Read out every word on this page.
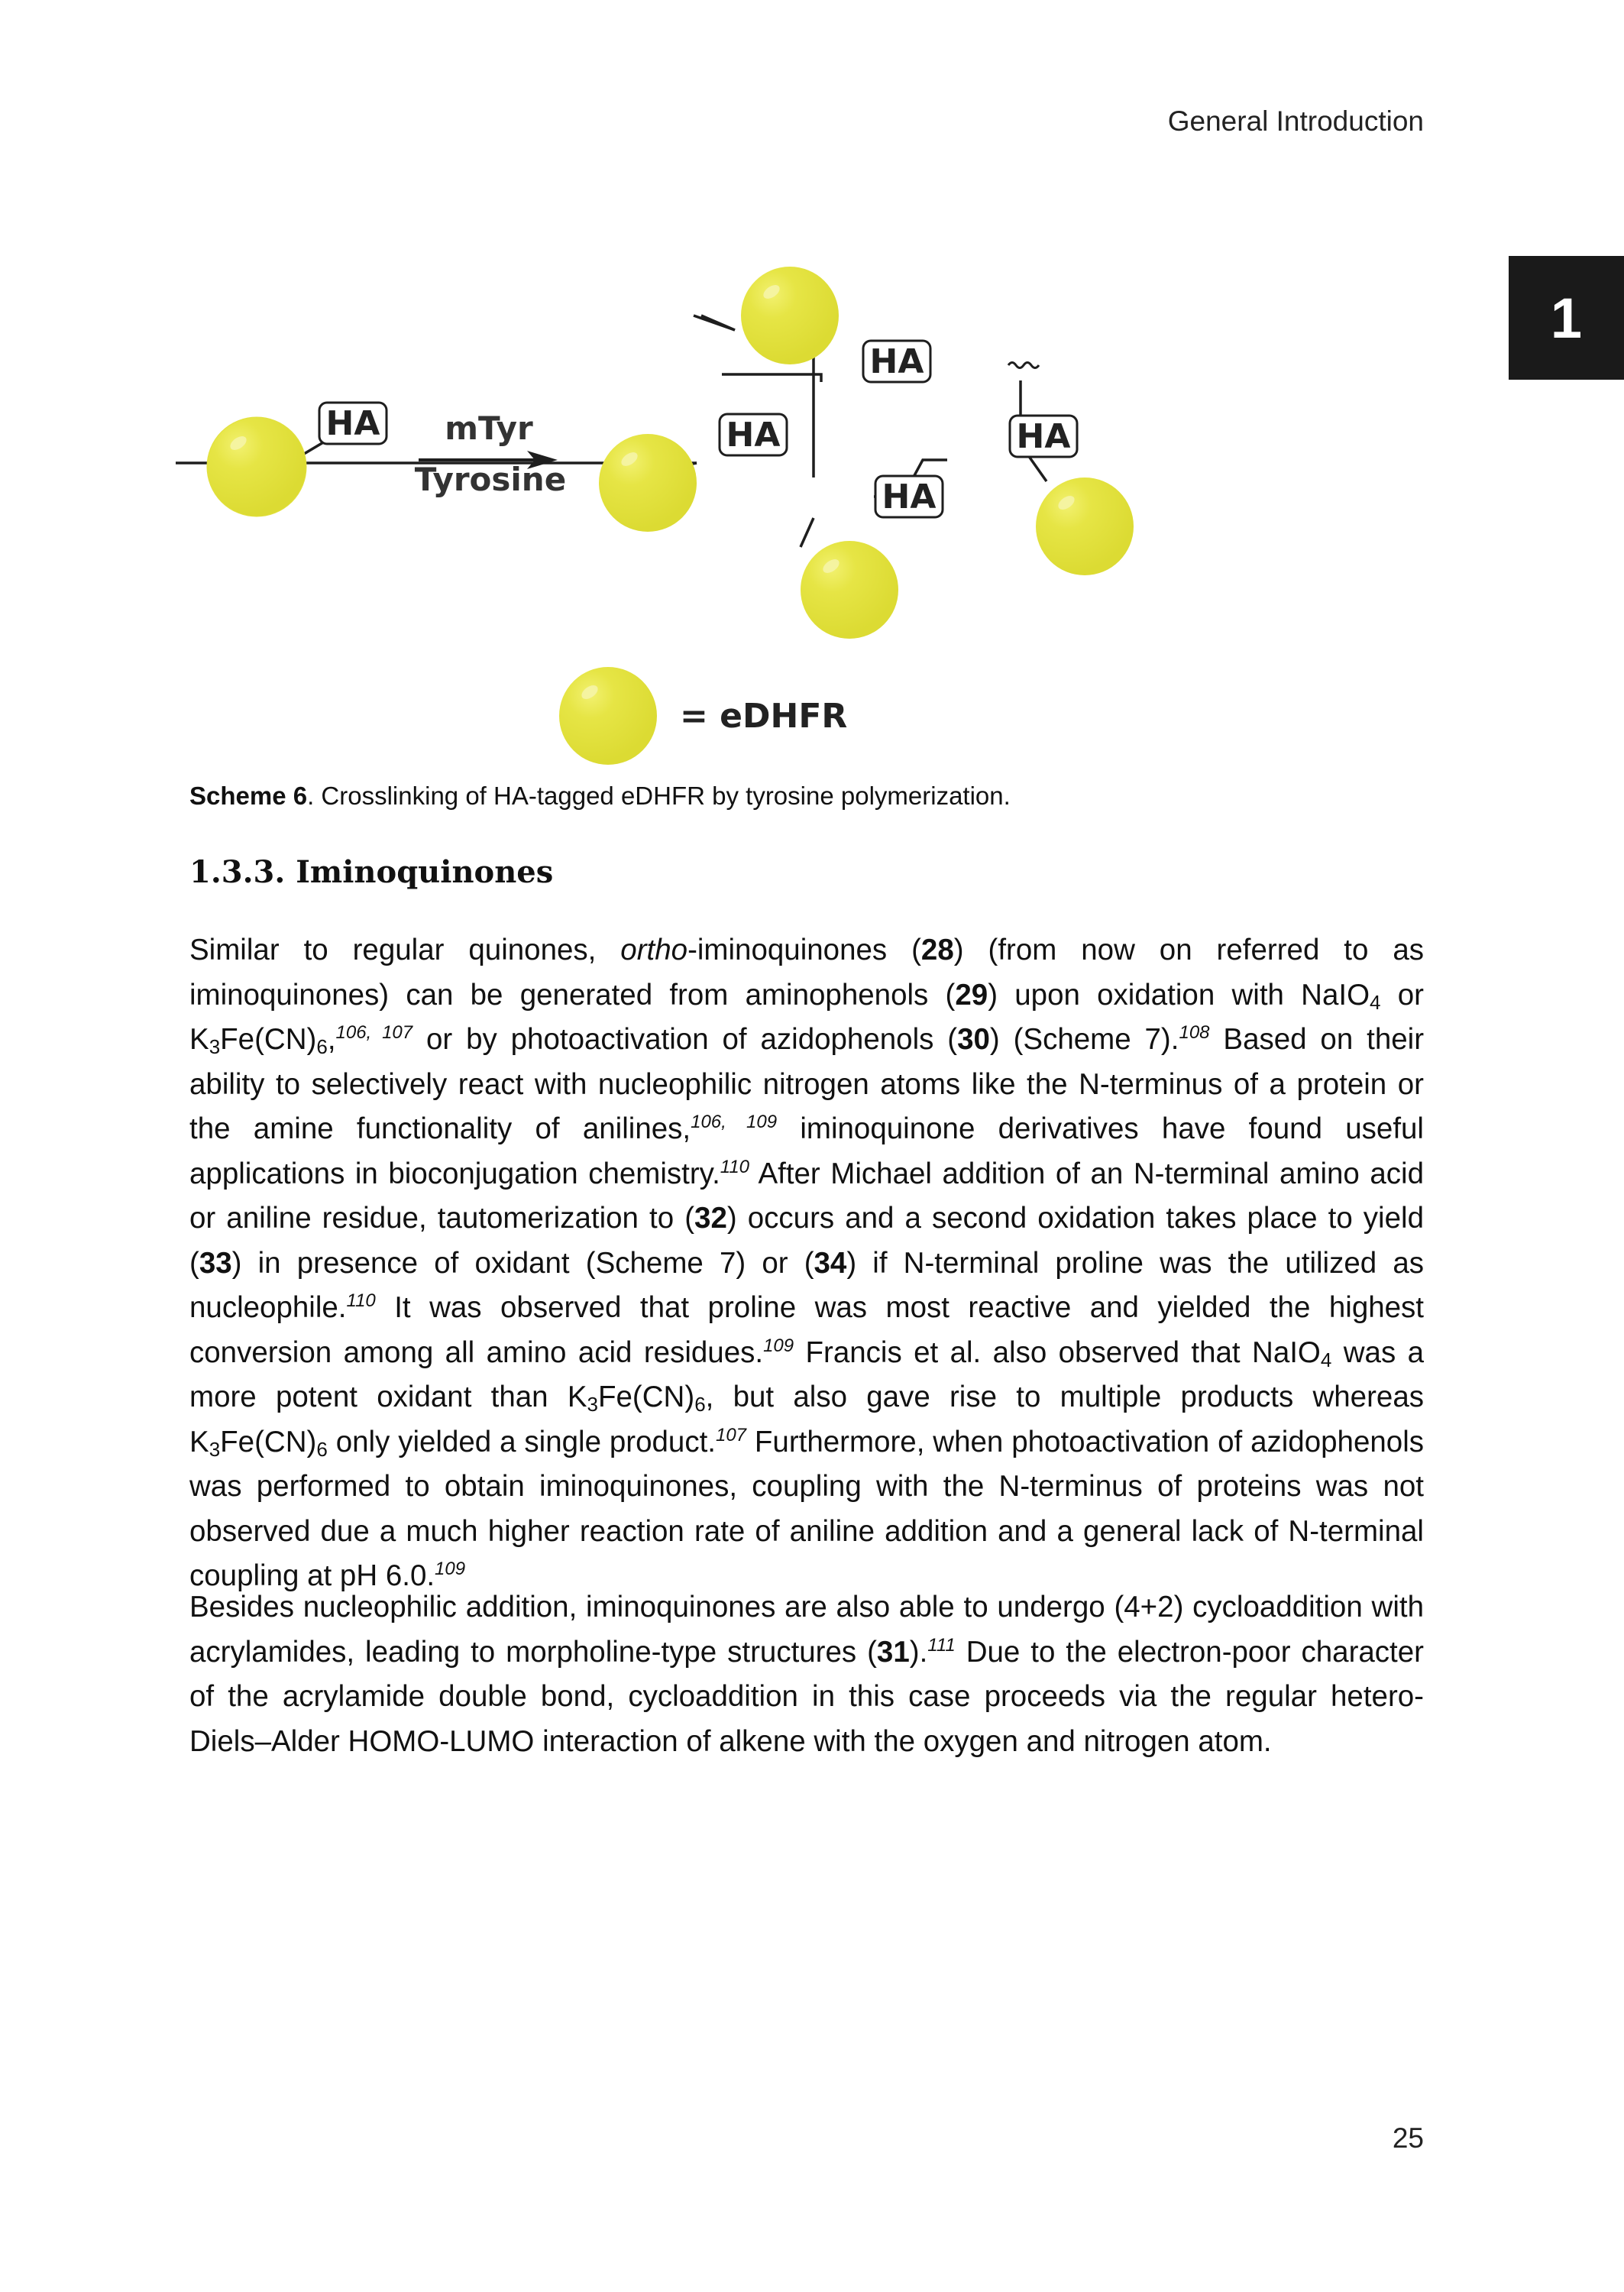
General Introduction
1
HA	HA
HA
HA
HA
mTyr
Tyrosine
= eDHFR
Scheme 6. Crosslinking of HA-tagged eDHFR by tyrosine polymerization.
1.3.3. Iminoquinones
Similar to regular quinones, ortho-iminoquinones (28) (from now on referred to as iminoquinones) can be generated from aminophenols (29) upon oxidation with NaIO$_4$ or $K_3Fe(CN)_6,^{106, 107}$ or by photoactivation of azidophenols (30) (Scheme 7).$^{108}$ Based on their ability to selectively react with nucleophilic nitrogen atoms like the N-terminus of a protein or the amine functionality of anilines,$^{106, 109}$ iminoquinone derivatives have found useful applications in bioconjugation chemistry.$^{110}$ After Michael addition of an N-terminal amino acid or aniline residue, tautomerization to (32) occurs and a second oxidation takes place to yield (33) in presence of oxidant (Scheme 7) or (34) if N-terminal proline was the utilized as nucleophile.$^{110}$ It was observed that proline was most reactive and yielded the highest conversion among all amino acid residues.$^{109}$ Francis et al. also observed that NaIO$_4$ was a more potent oxidant than $K_3Fe(CN)_6$, but also gave rise to multiple products whereas $K_3Fe(CN)_6$ only yielded a single product.$^{107}$ Furthermore, when photoactivation of azidophenols was performed to obtain iminoquinones, coupling with the N-terminus of proteins was not observed due a much higher reaction rate of aniline addition and a general lack of N-terminal coupling at pH 6.0.$^{109}$
Besides nucleophilic addition, iminoquinones are also able to undergo (4+2) cycloaddition with acrylamides, leading to morpholine-type structures (31).$^{111}$ Due to the electron-poor character of the acrylamide double bond, cycloaddition in this case proceeds via the regular hetero-Diels–Alder HOMO-LUMO interaction of alkene with the oxygen and nitrogen atom.
25
